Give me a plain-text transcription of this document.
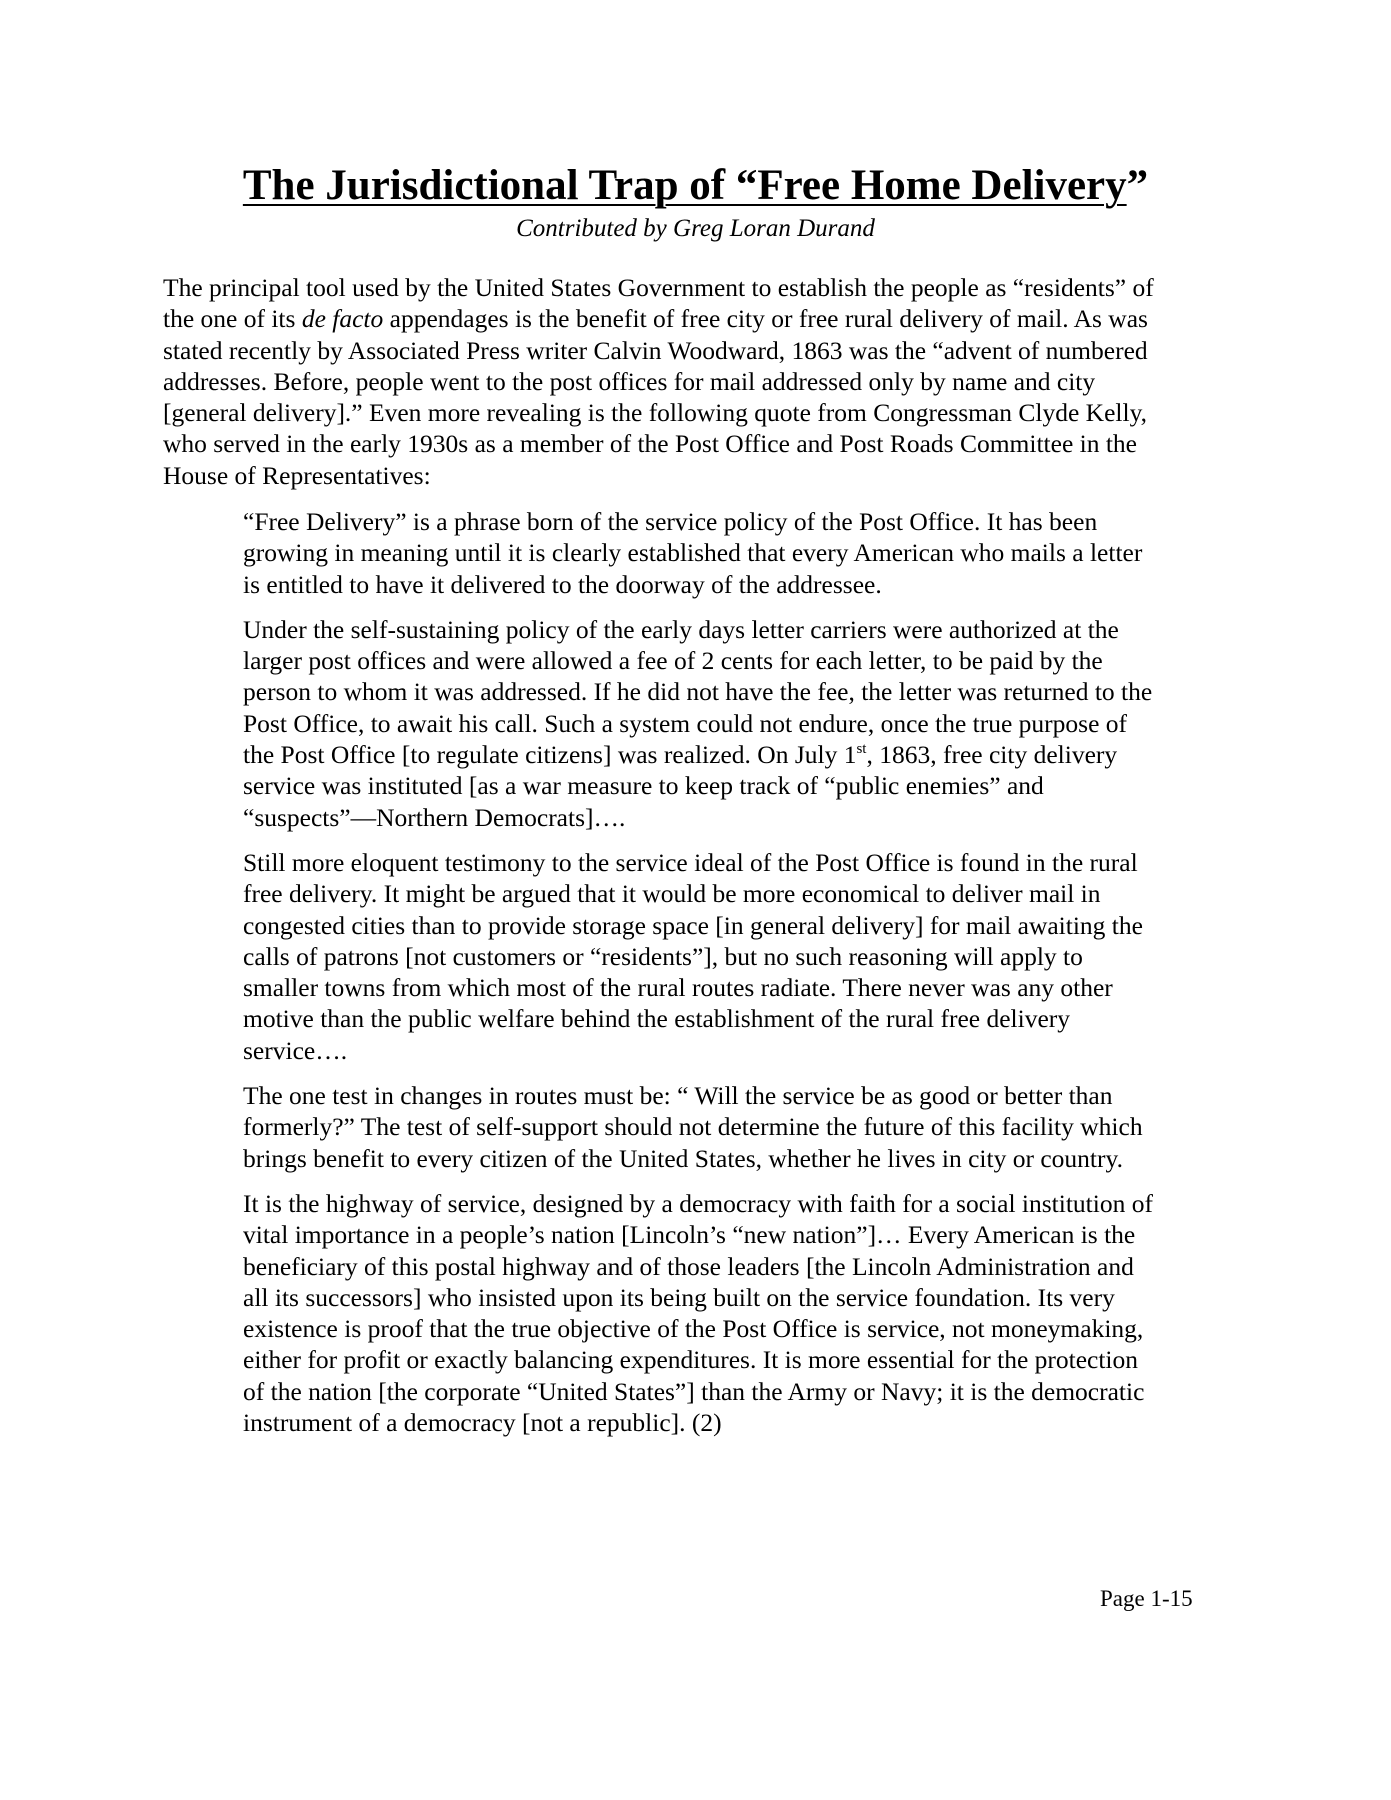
The Jurisdictional Trap of “Free Home Delivery”
Contributed by Greg Loran Durand

The principal tool used by the United States Government to establish the people as “residents” of
the one of its de facto appendages is the benefit of free city or free rural delivery of mail. As was
stated recently by Associated Press writer Calvin Woodward, 1863 was the “advent of numbered
addresses. Before, people went to the post offices for mail addressed only by name and city
[general delivery].” Even more revealing is the following quote from Congressman Clyde Kelly,
who served in the early 1930s as a member of the Post Office and Post Roads Committee in the
House of Representatives:

“Free Delivery” is a phrase born of the service policy of the Post Office. It has been
growing in meaning until it is clearly established that every American who mails a letter
is entitled to have it delivered to the doorway of the addressee.

Under the self-sustaining policy of the early days letter carriers were authorized at the
larger post offices and were allowed a fee of 2 cents for each letter, to be paid by the
person to whom it was addressed. If he did not have the fee, the letter was returned to the
Post Office, to await his call. Such a system could not endure, once the true purpose of
the Post Office [to regulate citizens] was realized. On July 1st, 1863, free city delivery
service was instituted [as a war measure to keep track of “public enemies” and
“suspects”—Northern Democrats]….

Still more eloquent testimony to the service ideal of the Post Office is found in the rural
free delivery. It might be argued that it would be more economical to deliver mail in
congested cities than to provide storage space [in general delivery] for mail awaiting the
calls of patrons [not customers or “residents”], but no such reasoning will apply to
smaller towns from which most of the rural routes radiate. There never was any other
motive than the public welfare behind the establishment of the rural free delivery
service….

The one test in changes in routes must be: “ Will the service be as good or better than
formerly?” The test of self-support should not determine the future of this facility which
brings benefit to every citizen of the United States, whether he lives in city or country.

It is the highway of service, designed by a democracy with faith for a social institution of
vital importance in a people’s nation [Lincoln’s “new nation”]… Every American is the
beneficiary of this postal highway and of those leaders [the Lincoln Administration and
all its successors] who insisted upon its being built on the service foundation. Its very
existence is proof that the true objective of the Post Office is service, not moneymaking,
either for profit or exactly balancing expenditures. It is more essential for the protection
of the nation [the corporate “United States”] than the Army or Navy; it is the democratic
instrument of a democracy [not a republic]. (2)

Page 1-15
